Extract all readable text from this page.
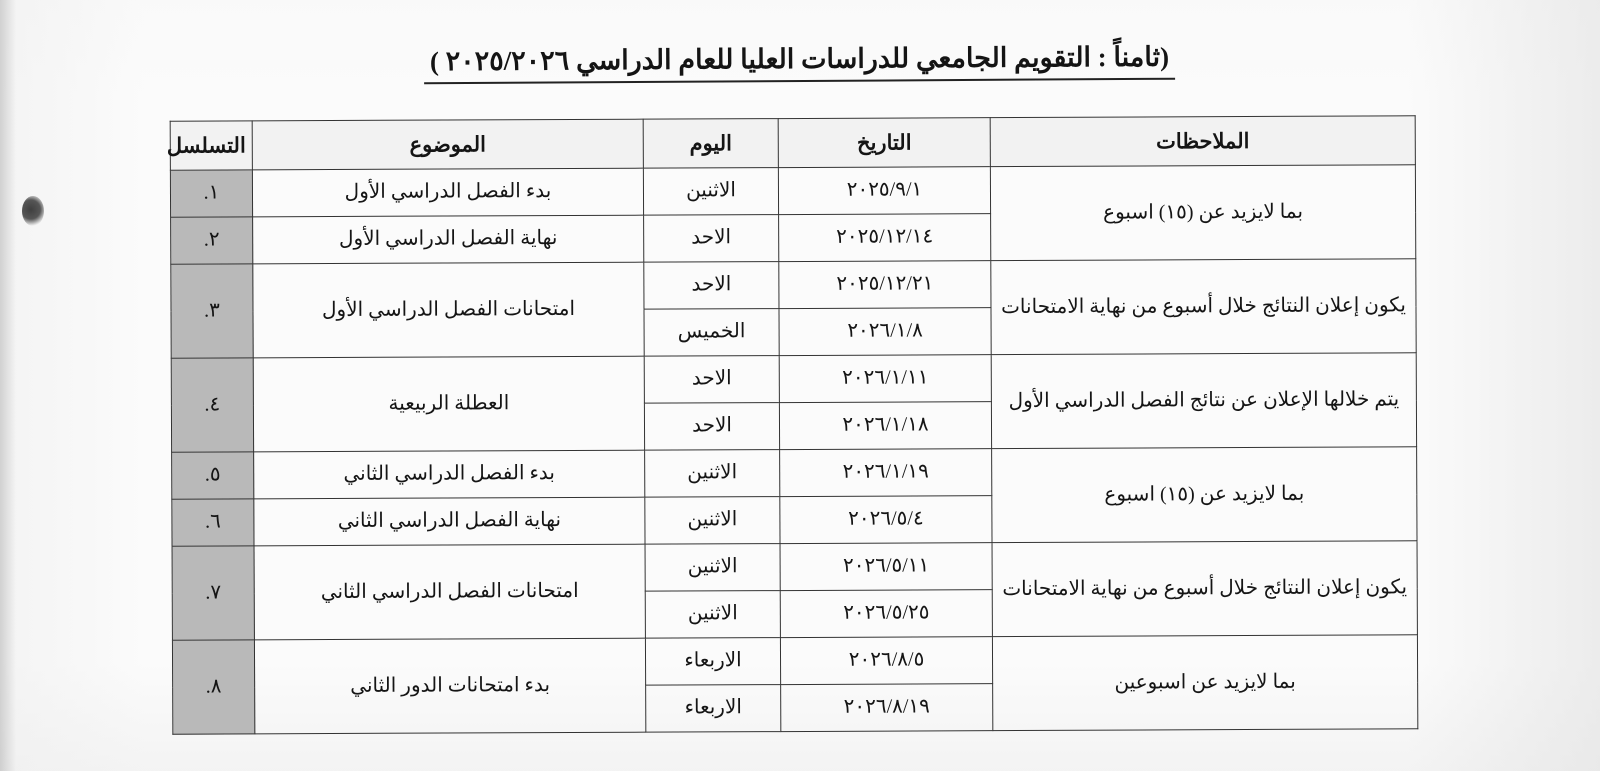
(ثامناً : التقويم الجامعي للدراسات العليا للعام الدراسي ٢٠٢٥/٢٠٢٦ )
الملاحظات	التاريخ	اليوم	الموضوع	التسلسل
بما لايزيد عن (١٥) اسبوع	٢٠٢٥/٩/١	الاثنين	بدء الفصل الدراسي الأول	١.
	٢٠٢٥/١٢/١٤	الاحد	نهاية الفصل الدراسي الأول	٢.
يكون إعلان النتائج خلال أسبوع من نهاية الامتحانات	٢٠٢٥/١٢/٢١	الاحد	امتحانات الفصل الدراسي الأول	٣.
	٢٠٢٦/١/٨	الخميس		
يتم خلالها الإعلان عن نتائج الفصل الدراسي الأول	٢٠٢٦/١/١١	الاحد	العطلة الربيعية	٤.
	٢٠٢٦/١/١٨	الاحد		
بما لايزيد عن (١٥) اسبوع	٢٠٢٦/١/١٩	الاثنين	بدء الفصل الدراسي الثاني	٥.
	٢٠٢٦/٥/٤	الاثنين	نهاية الفصل الدراسي الثاني	٦.
يكون إعلان النتائج خلال أسبوع من نهاية الامتحانات	٢٠٢٦/٥/١١	الاثنين	امتحانات الفصل الدراسي الثاني	٧.
	٢٠٢٦/٥/٢٥	الاثنين		
بما لايزيد عن اسبوعين	٢٠٢٦/٨/٥	الاربعاء	بدء امتحانات الدور الثاني	٨.
	٢٠٢٦/٨/١٩	الاربعاء		
